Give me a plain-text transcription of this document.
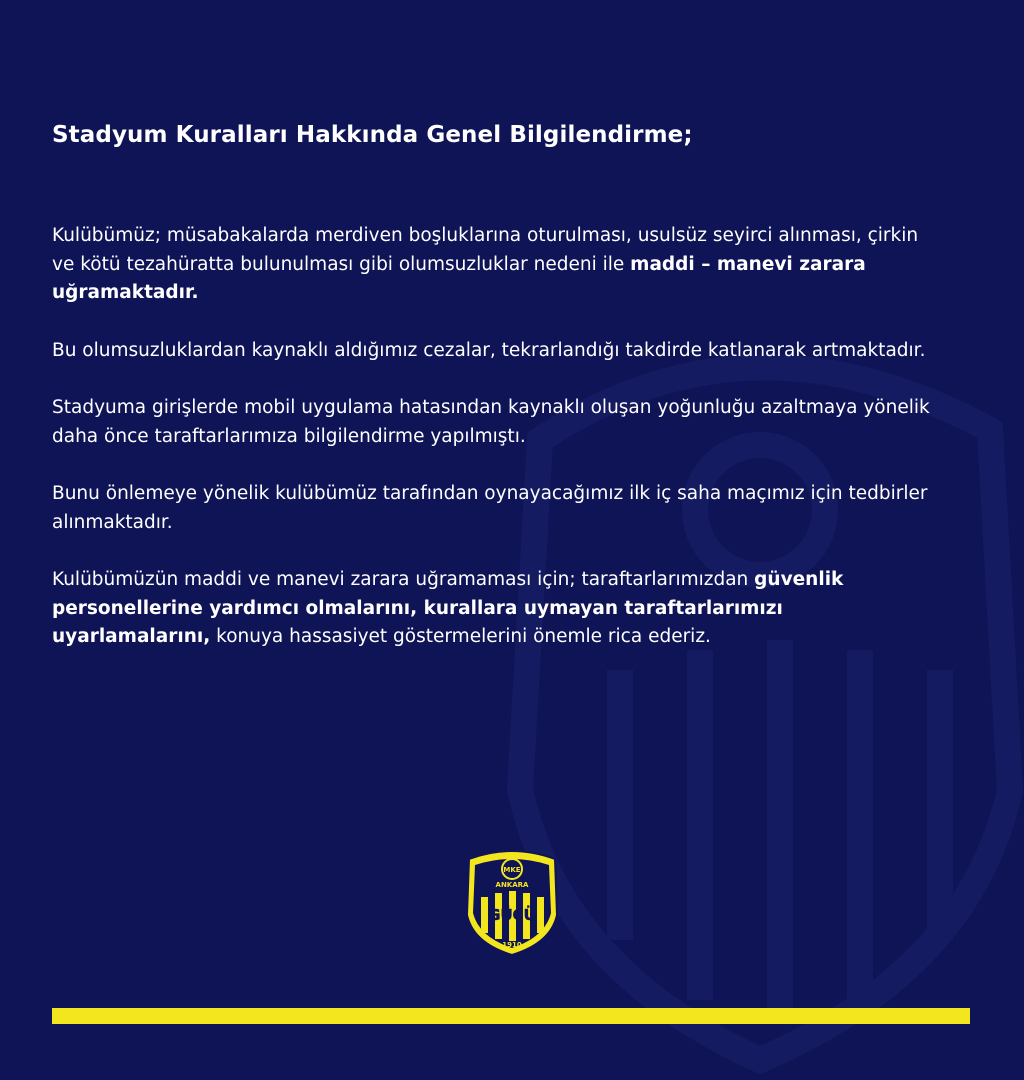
Stadyum Kuralları Hakkında Genel Bilgilendirme;

Kulübümüz; müsabakalarda merdiven boşluklarına oturulması, usulsüz seyirci alınması, çirkin ve kötü tezahüratta bulunulması gibi olumsuzluklar nedeni ile maddi – manevi zarara uğramaktadır.

Bu olumsuzluklardan kaynaklı aldığımız cezalar, tekrarlandığı takdirde katlanarak artmaktadır.

Stadyuma girişlerde mobil uygulama hatasından kaynaklı oluşan yoğunluğu azaltmaya yönelik daha önce taraftarlarımıza bilgilendirme yapılmıştı.

Bunu önlemeye yönelik kulübümüz tarafından oynayacağımız ilk iç saha maçımız için tedbirler alınmaktadır.

Kulübümüzün maddi ve manevi zarara uğramaması için; taraftarlarımızdan güvenlik personellerine yardımcı olmalarını, kurallara uymayan taraftarlarımızı uyarlamalarını, konuya hassasiyet göstermelerini önemle rica ederiz.

MKE
ANKARA
GÜCÜ
1910
